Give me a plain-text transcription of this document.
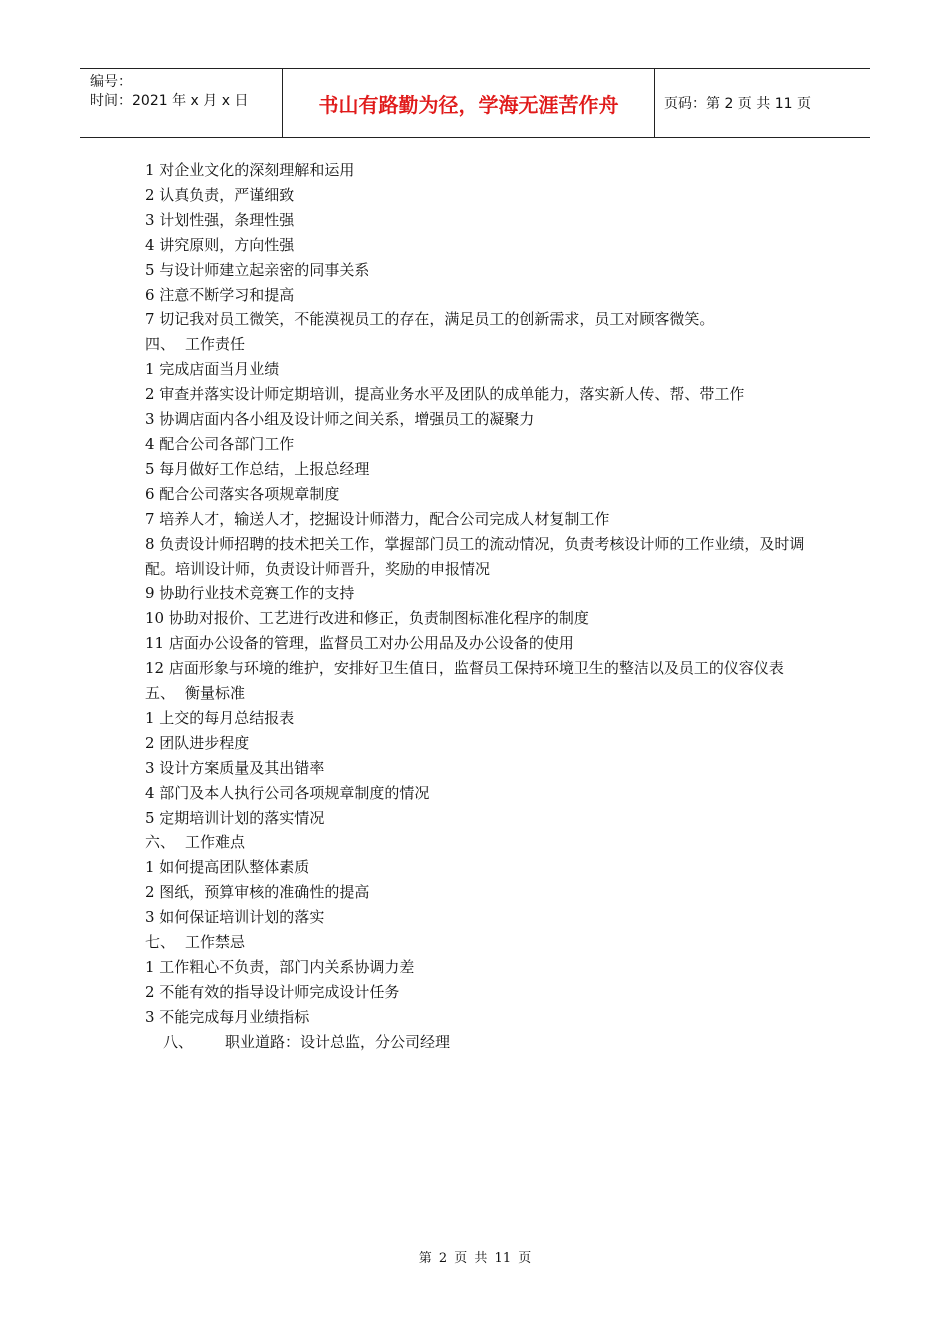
编号：
时间：2021 年 x 月 x 日	书山有路勤为径，学海无涯苦作舟	页码：第 2 页 共 11 页
1 对企业文化的深刻理解和运用
2 认真负责，严谨细致
3 计划性强，条理性强
4 讲究原则，方向性强
5 与设计师建立起亲密的同事关系
6 注意不断学习和提高
7 切记我对员工微笑，不能漠视员工的存在，满足员工的创新需求，员工对顾客微笑。
四、 工作责任
1 完成店面当月业绩
2 审查并落实设计师定期培训，提高业务水平及团队的成单能力，落实新人传、帮、带工作
3 协调店面内各小组及设计师之间关系，增强员工的凝聚力
4 配合公司各部门工作
5 每月做好工作总结，上报总经理
6 配合公司落实各项规章制度
7 培养人才，输送人才，挖掘设计师潜力，配合公司完成人材复制工作
8 负责设计师招聘的技术把关工作，掌握部门员工的流动情况，负责考核设计师的工作业绩，及时调配。培训设计师，负责设计师晋升，奖励的申报情况
9 协助行业技术竞赛工作的支持
10 协助对报价、工艺进行改进和修正，负责制图标准化程序的制度
11 店面办公设备的管理，监督员工对办公用品及办公设备的使用
12 店面形象与环境的维护，安排好卫生值日，监督员工保持环境卫生的整洁以及员工的仪容仪表
五、 衡量标准
1 上交的每月总结报表
2 团队进步程度
3 设计方案质量及其出错率
4 部门及本人执行公司各项规章制度的情况
5 定期培训计划的落实情况
六、 工作难点
1 如何提高团队整体素质
2 图纸，预算审核的准确性的提高
3 如何保证培训计划的落实
七、 工作禁忌
1 工作粗心不负责，部门内关系协调力差
2 不能有效的指导设计师完成设计任务
3 不能完成每月业绩指标
八、	职业道路：设计总监，分公司经理
第 2 页 共 11 页
